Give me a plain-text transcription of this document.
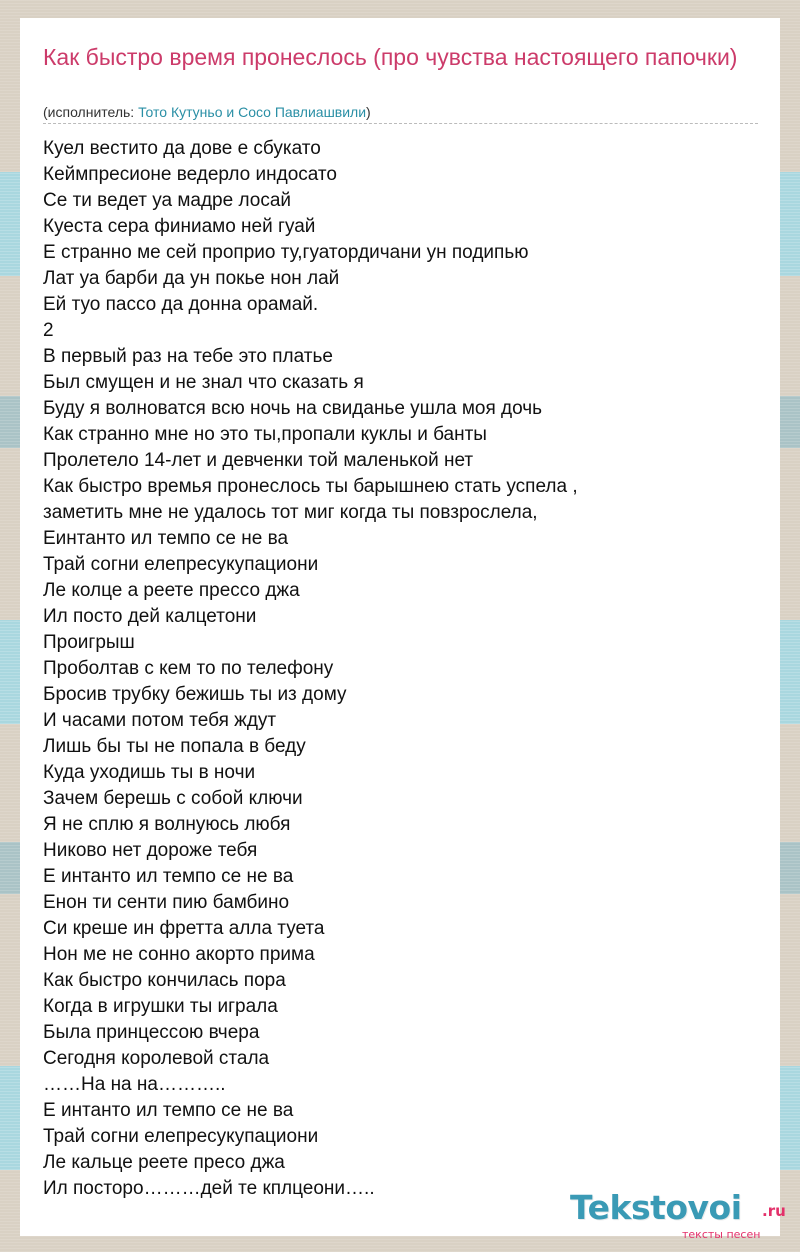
Как быстро время пронеслось (про чувства настоящего папочки)
(исполнитель: Тото Кутуньо и Сосо Павлиашвили)
Куел вестито да дове е сбукато
Кеймпресионе ведерло индосато
Се ти ведет уа мадре лосай
Куеста сера финиамо ней гуай
Е странно ме сей проприо ту,гуатордичани ун подипью
Лат уа барби да ун покье нон лай
Ей туо пассо да донна орамай.
2
В первый раз на тебе это платье
Был смущен и не знал что сказать я
Буду я волноватся всю ночь на свиданье ушла моя дочь
Как странно мне но это ты,пропали куклы и банты
Пролетело 14-лет и девченки той маленькой нет
Как быстро времья пронеслось ты барышнею стать успела ,
заметить мне не удалось тот миг когда ты повзрослела,
Еинтанто ил темпо се не ва
Трай согни елепресукупациони
Ле колце а реете прессо джа
Ил посто дей калцетони
Проигрыш
Проболтав с кем то по телефону
Бросив трубку бежишь ты из дому
И часами потом тебя ждут
Лишь бы ты не попала в беду
Куда уходишь ты в ночи
Зачем берешь с собой ключи
Я не сплю я волнуюсь любя
Никово нет дороже тебя
Е интанто ил темпо се не ва
Енон ти сенти пию бамбино
Си креше ин фретта алла туета
Нон ме не сонно акорто прима
Как быстро кончилась пора
Когда в игрушки ты играла
Была принцессою вчера
Сегодня королевой стала
……На на на………..
Е интанто ил темпо се не ва
Трай согни елепресукупациони
Ле кальце реете пресо джа
Ил посторо………дей те кплцеони…..	Tekstovoi .ru
тексты песен
